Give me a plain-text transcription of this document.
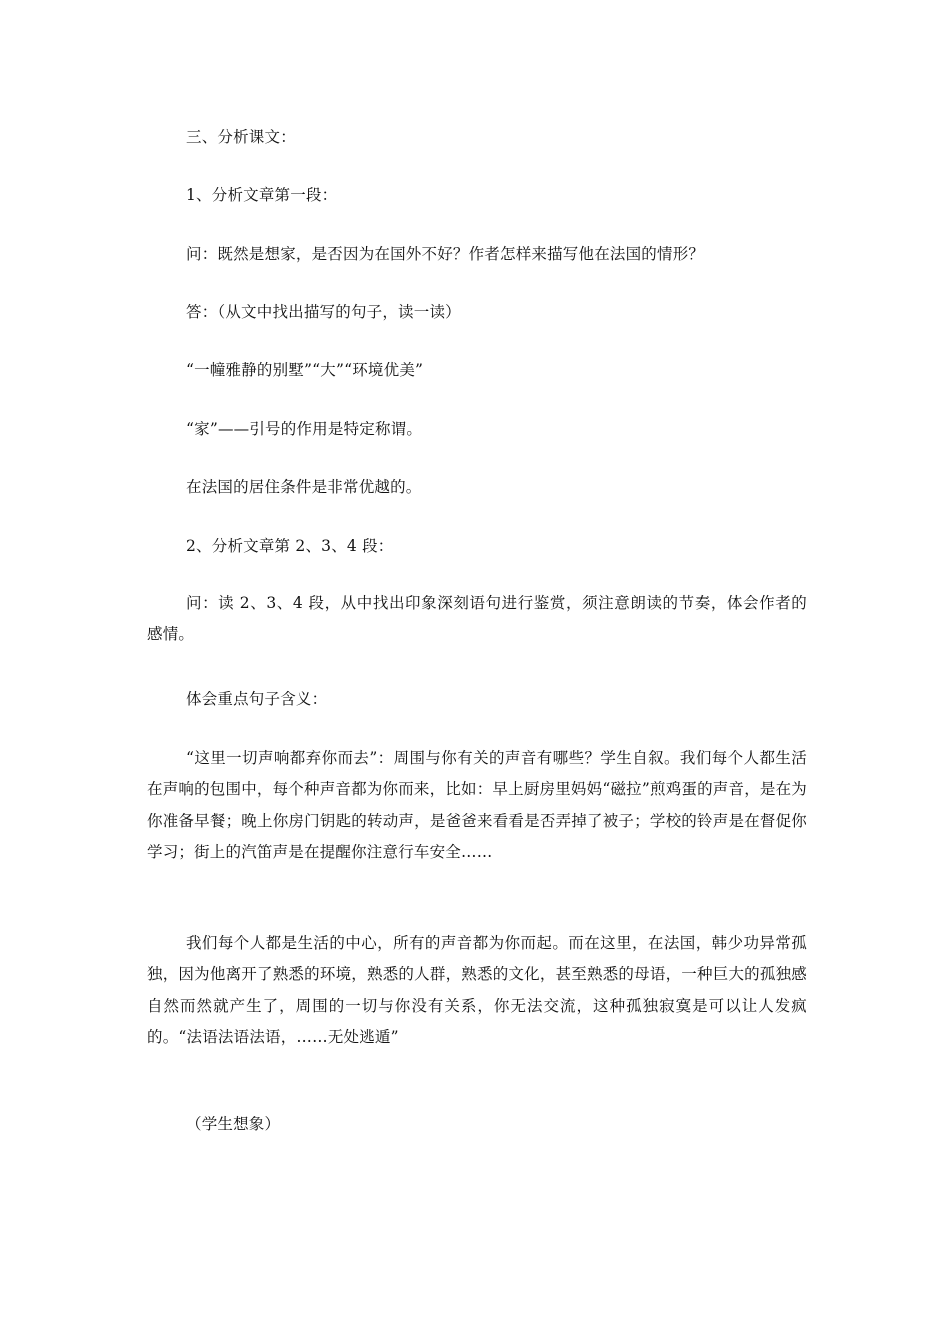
三、分析课文：
1、分析文章第一段：
问：既然是想家，是否因为在国外不好？作者怎样来描写他在法国的情形？
答：（从文中找出描写的句子，读一读）
“一幢雅静的别墅”“大”“环境优美”
“家”——引号的作用是特定称谓。
在法国的居住条件是非常优越的。
2、分析文章第 2、3、4 段：
问：读 2、3、4 段，从中找出印象深刻语句进行鉴赏，须注意朗读的节奏，体会作者的感情。
体会重点句子含义：
“这里一切声响都弃你而去”：周围与你有关的声音有哪些？学生自叙。我们每个人都生活在声响的包围中，每个种声音都为你而来，比如：早上厨房里妈妈“磁拉”煎鸡蛋的声音，是在为你准备早餐；晚上你房门钥匙的转动声，是爸爸来看看是否弄掉了被子；学校的铃声是在督促你学习；街上的汽笛声是在提醒你注意行车安全……
我们每个人都是生活的中心，所有的声音都为你而起。而在这里，在法国，韩少功异常孤独，因为他离开了熟悉的环境，熟悉的人群，熟悉的文化，甚至熟悉的母语，一种巨大的孤独感自然而然就产生了，周围的一切与你没有关系，你无法交流，这种孤独寂寞是可以让人发疯的。“法语法语法语，……无处逃遁”
（学生想象）
